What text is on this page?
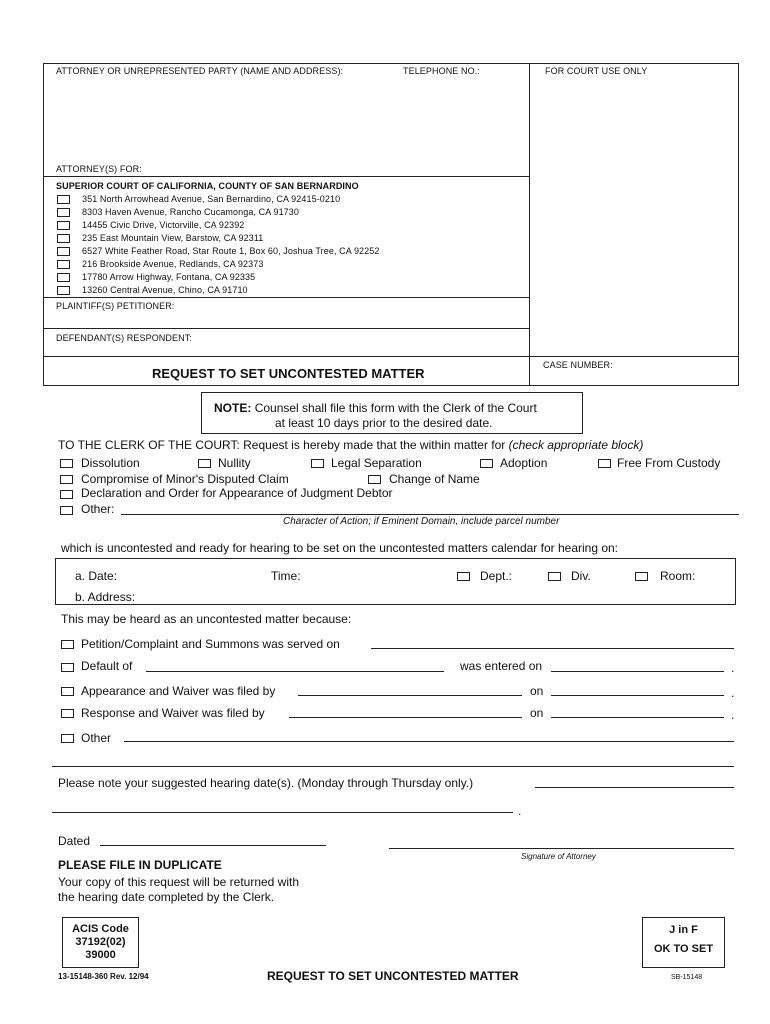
ATTORNEY OR UNREPRESENTED PARTY (NAME AND ADDRESS):	TELEPHONE NO.:	FOR COURT USE ONLY
ATTORNEY(S) FOR:
SUPERIOR COURT OF CALIFORNIA, COUNTY OF SAN BERNARDINO
351 North Arrowhead Avenue, San Bernardino, CA 92415-0210
8303 Haven Avenue, Rancho Cucamonga, CA 91730
14455 Civic Drive, Victorville, CA 92392
235 East Mountain View, Barstow, CA 92311
6527 White Feather Road, Star Route 1, Box 60, Joshua Tree, CA 92252
216 Brookside Avenue, Redlands, CA 92373
17780 Arrow Highway, Fontana, CA 92335
13260 Central Avenue, Chino, CA 91710
PLAINTIFF(S) PETITIONER:
DEFENDANT(S) RESPONDENT:
CASE NUMBER:
REQUEST TO SET UNCONTESTED MATTER
NOTE: Counsel shall file this form with the Clerk of the Court
at least 10 days prior to the desired date.
TO THE CLERK OF THE COURT: Request is hereby made that the within matter for (check appropriate block)
Dissolution	Nullity	Legal Separation	Adoption	Free From Custody
Compromise of Minor's Disputed Claim	Change of Name
Declaration and Order for Appearance of Judgment Debtor
Other:
Character of Action; if Eminent Domain, include parcel number
which is uncontested and ready for hearing to be set on the uncontested matters calendar for hearing on:
a. Date:	Time:	Dept.:	Div.	Room:
b. Address:
This may be heard as an uncontested matter because:
Petition/Complaint and Summons was served on
Default of	was entered on	.
Appearance and Waiver was filed by	on	.
Response and Waiver was filed by	on	.
Other
Please note your suggested hearing date(s). (Monday through Thursday only.)
.
Dated
Signature of Attorney
PLEASE FILE IN DUPLICATE
Your copy of this request will be returned with
the hearing date completed by the Clerk.
ACIS Code
37192(02)
39000
J in F
OK TO SET
13-15148-360 Rev. 12/94	REQUEST TO SET UNCONTESTED MATTER	SB-15148
